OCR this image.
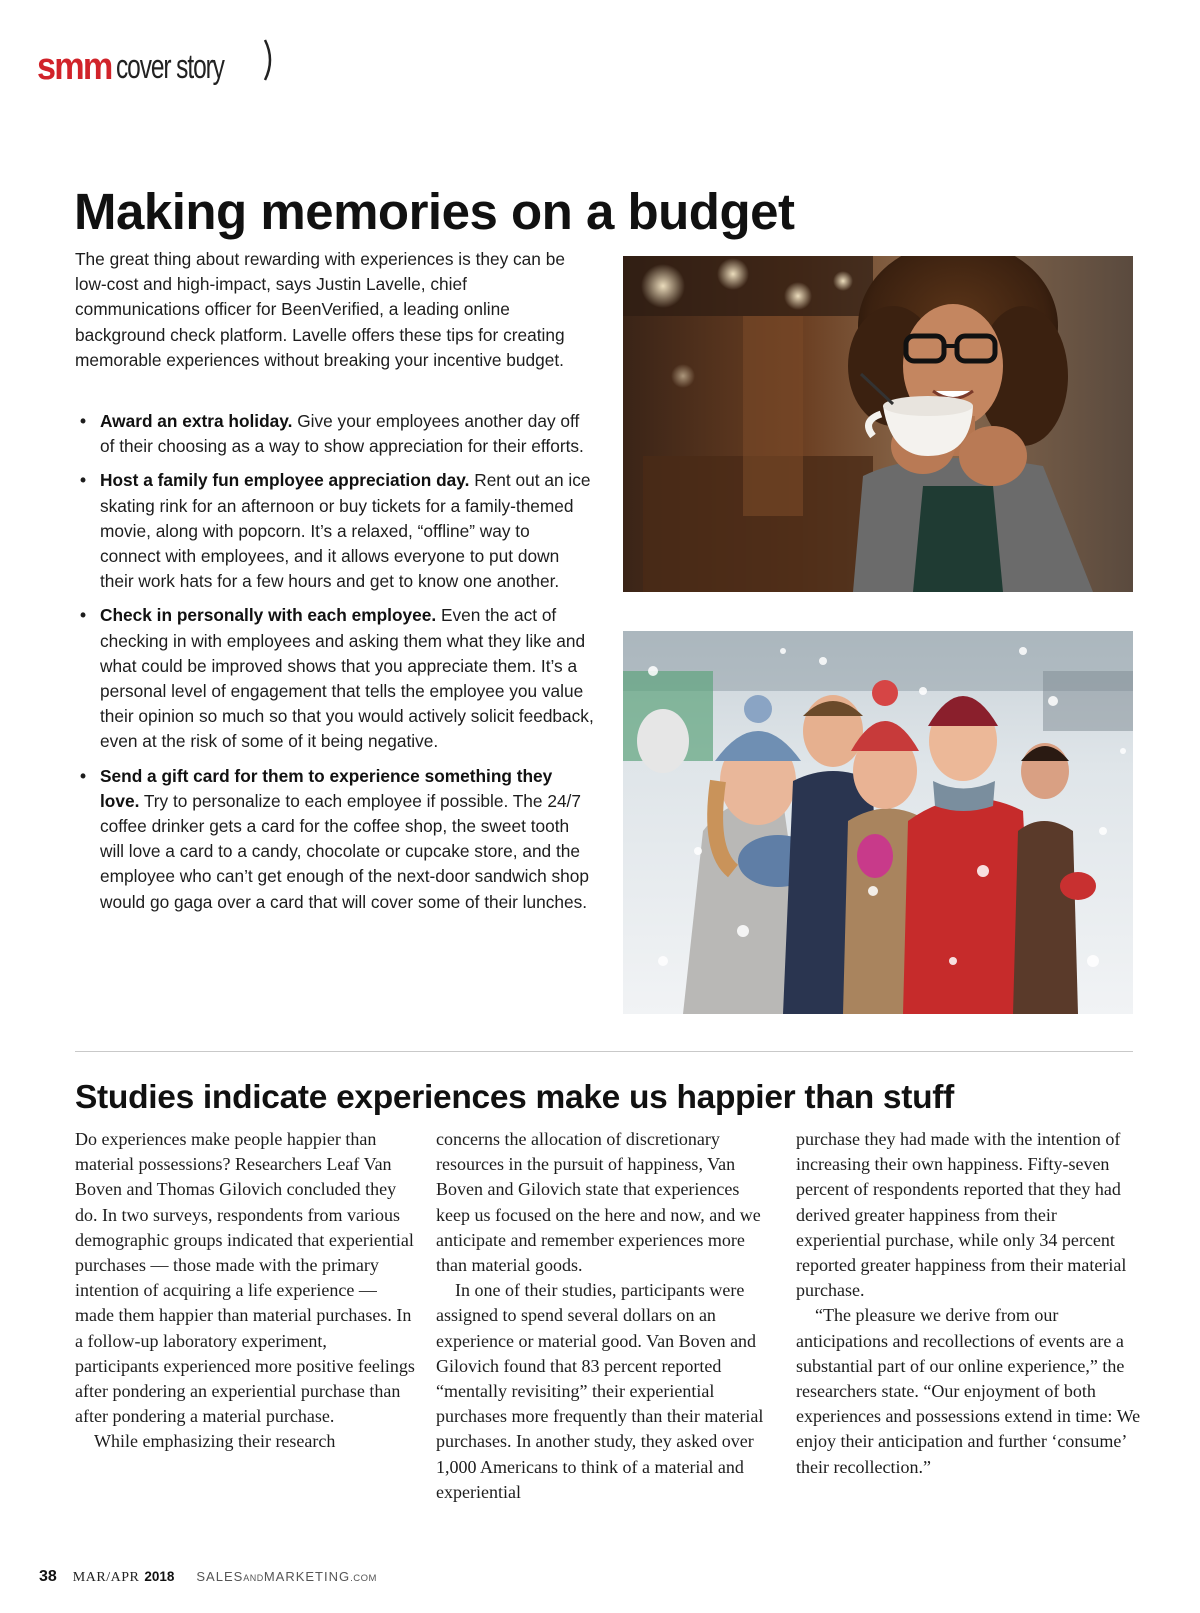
smm cover story
Making memories on a budget

The great thing about rewarding with experiences is they can be low-cost and high-impact, says Justin Lavelle, chief communications officer for BeenVerified, a leading online background check platform. Lavelle offers these tips for creating memorable experiences without breaking your incentive budget.

• Award an extra holiday. Give your employees another day off of their choosing as a way to show appreciation for their efforts.
• Host a family fun employee appreciation day. Rent out an ice skating rink for an afternoon or buy tickets for a family-themed movie, along with popcorn. It’s a relaxed, “offline” way to connect with employees, and it allows everyone to put down their work hats for a few hours and get to know one another.
• Check in personally with each employee. Even the act of checking in with employees and asking them what they like and what could be improved shows that you appreciate them. It’s a personal level of engagement that tells the employee you value their opinion so much so that you would actively solicit feedback, even at the risk of some of it being negative.
• Send a gift card for them to experience something they love. Try to personalize to each employee if possible. The 24/7 coffee drinker gets a card for the coffee shop, the sweet tooth will love a card to a candy, chocolate or cupcake store, and the employee who can’t get enough of the next-door sandwich shop would go gaga over a card that will cover some of their lunches.
Studies indicate experiences make us happier than stuff

Do experiences make people happier than material possessions? Researchers Leaf Van Boven and Thomas Gilovich concluded they do. In two surveys, respondents from various demographic groups indicated that experiential purchases — those made with the primary intention of acquiring a life experience — made them happier than material purchases. In a follow-up laboratory experiment, participants experienced more positive feelings after pondering an experiential purchase than after pondering a material purchase.

While emphasizing their research

concerns the allocation of discretionary resources in the pursuit of happiness, Van Boven and Gilovich state that experiences keep us focused on the here and now, and we anticipate and remember experiences more than material goods.

In one of their studies, participants were assigned to spend several dollars on an experience or material good. Van Boven and Gilovich found that 83 percent reported “mentally revisiting” their experiential purchases more frequently than their material purchases. In another study, they asked over 1,000 Americans to think of a material and experiential

purchase they had made with the intention of increasing their own happiness. Fifty-seven percent of respondents reported that they had derived greater happiness from their experiential purchase, while only 34 percent reported greater happiness from their material purchase.

“The pleasure we derive from our anticipations and recollections of events are a substantial part of our online experience,” the researchers state. “Our enjoyment of both experiences and possessions extend in time: We enjoy their anticipation and further ‘consume’ their recollection.”

38 MAR/APR 2018 SALES AND MARKETING .COM
